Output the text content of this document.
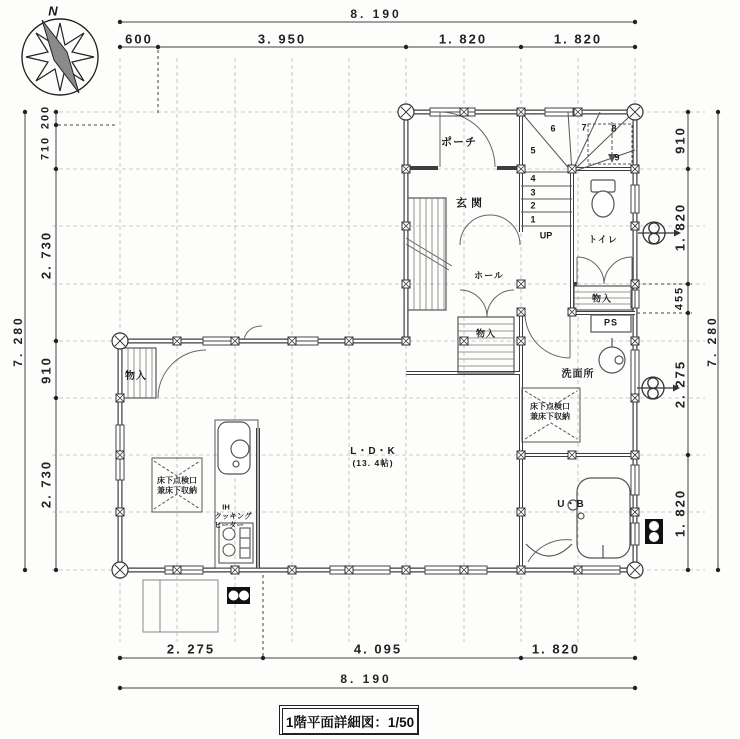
N	8. 190
600	3. 950	1. 820	1. 820
2. 275	4. 095	1. 820
8. 190
200
710
2. 730
910
2. 730
7. 280
910
1. 820
455
2. 275
1. 820
7. 280
ポーチ
玄関
ホール
トイレ
物入
PS
物入
洗面所
物入
L・D・K
(13. 4帖)
U・B
IH
クッキング
ヒーター
床下点検口
兼床下収納
床下点検口
兼床下収納
UP
1
2
3
4
5
6	7	8
9
1階平面詳細図：1/50
